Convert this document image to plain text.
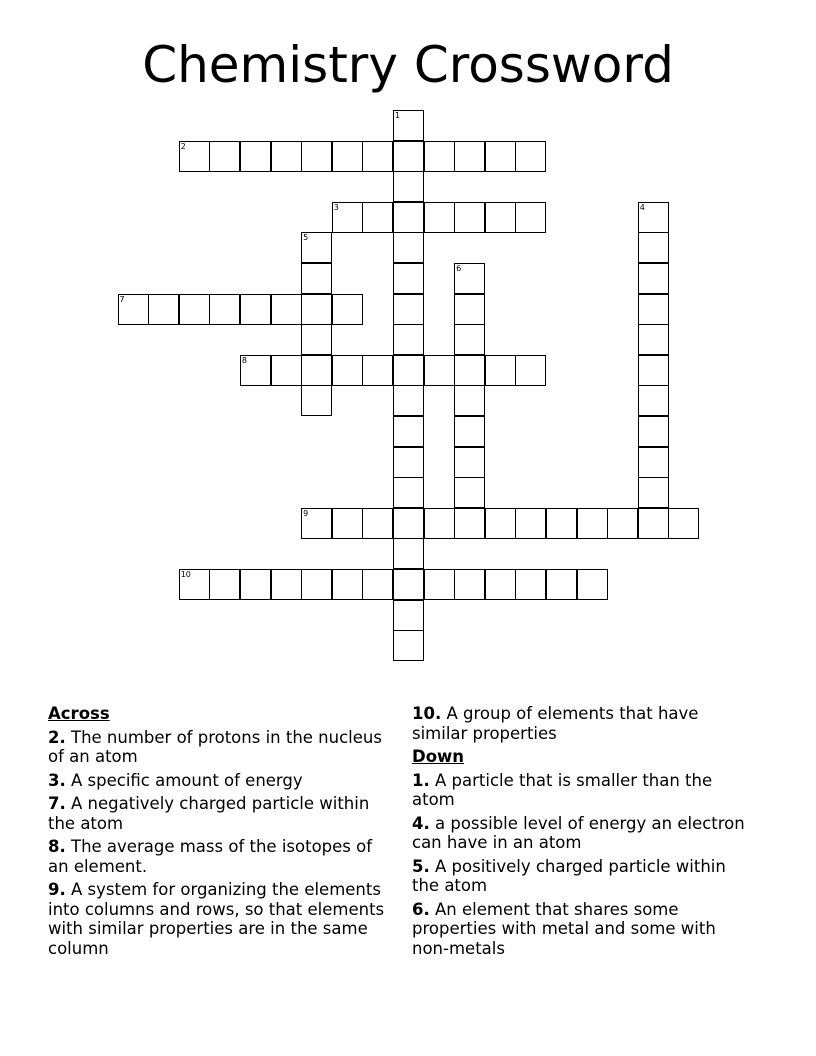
Chemistry Crossword
1
2
3	4
5
6
7
8
9
10
Across
2. The number of protons in the nucleus of an atom
3. A specific amount of energy
7. A negatively charged particle within the atom
8. The average mass of the isotopes of an element.
9. A system for organizing the elements into columns and rows, so that elements with similar properties are in the same column
10. A group of elements that have similar properties
Down
1. A particle that is smaller than the atom
4. a possible level of energy an electron can have in an atom
5. A positively charged particle within the atom
6. An element that shares some properties with metal and some with non-metals
